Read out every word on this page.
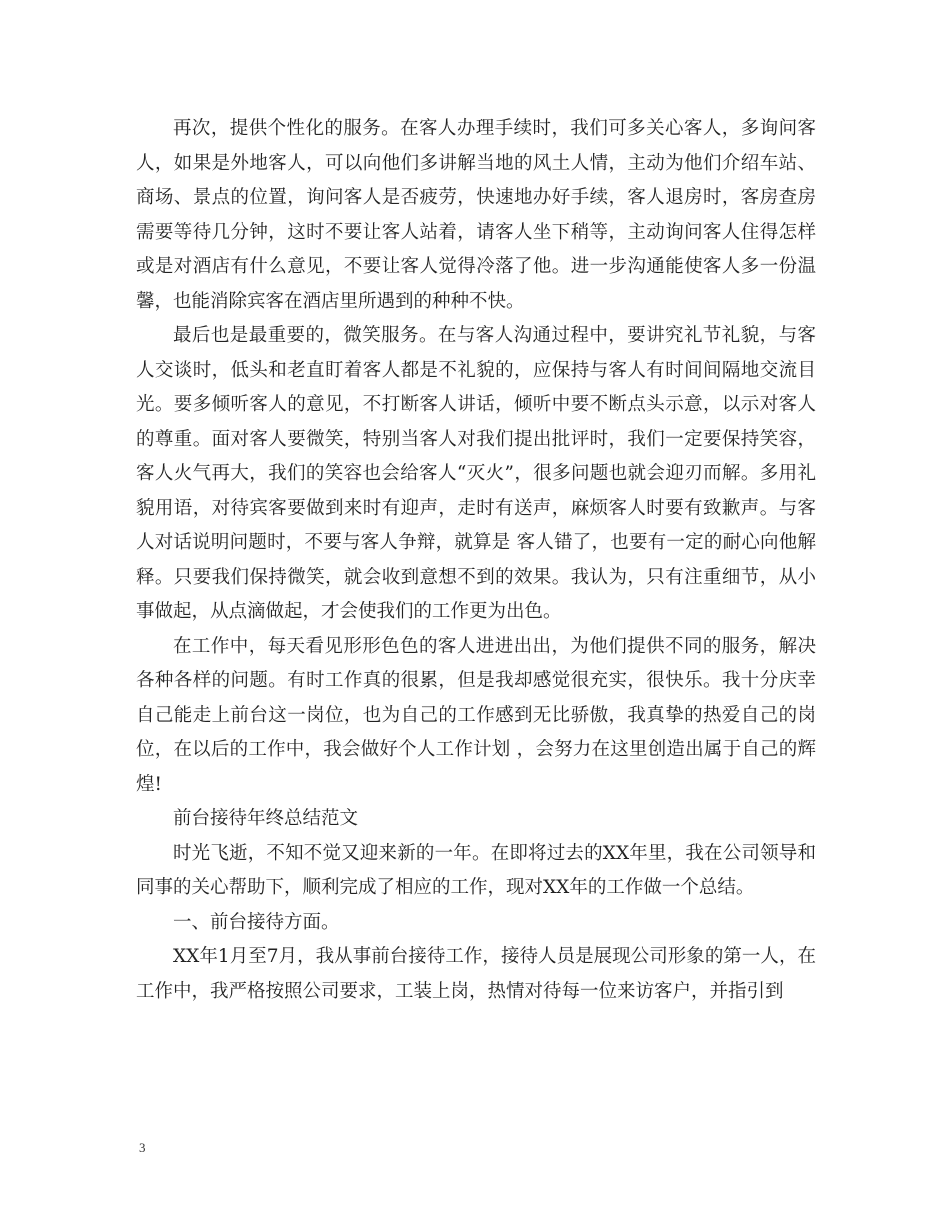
再次，提供个性化的服务。在客人办理手续时，我们可多关心客人，多询问客人，如果是外地客人，可以向他们多讲解当地的风土人情，主动为他们介绍车站、商场、景点的位置，询问客人是否疲劳，快速地办好手续，客人退房时，客房查房需要等待几分钟，这时不要让客人站着，请客人坐下稍等，主动询问客人住得怎样或是对酒店有什么意见，不要让客人觉得冷落了他。进一步沟通能使客人多一份温馨，也能消除宾客在酒店里所遇到的种种不快。

最后也是最重要的，微笑服务。在与客人沟通过程中，要讲究礼节礼貌，与客人交谈时，低头和老直盯着客人都是不礼貌的，应保持与客人有时间间隔地交流目光。要多倾听客人的意见，不打断客人讲话，倾听中要不断点头示意，以示对客人的尊重。面对客人要微笑，特别当客人对我们提出批评时，我们一定要保持笑容，客人火气再大，我们的笑容也会给客人“灭火”，很多问题也就会迎刃而解。多用礼貌用语，对待宾客要做到来时有迎声，走时有送声，麻烦客人时要有致歉声。与客人对话说明问题时，不要与客人争辩，就算是 客人错了，也要有一定的耐心向他解释。只要我们保持微笑，就会收到意想不到的效果。我认为，只有注重细节，从小事做起，从点滴做起，才会使我们的工作更为出色。

在工作中，每天看见形形色色的客人进进出出，为他们提供不同的服务，解决各种各样的问题。有时工作真的很累，但是我却感觉很充实，很快乐。我十分庆幸自己能走上前台这一岗位，也为自己的工作感到无比骄傲，我真挚的热爱自己的岗位，在以后的工作中，我会做好个人工作计划 ，会努力在这里创造出属于自己的辉煌!

前台接待年终总结范文

时光飞逝，不知不觉又迎来新的一年。在即将过去的XX年里，我在公司领导和同事的关心帮助下，顺利完成了相应的工作，现对XX年的工作做一个总结。

一、前台接待方面。

XX年1月至7月，我从事前台接待工作，接待人员是展现公司形象的第一人，在工作中，我严格按照公司要求，工装上岗，热情对待每一位来访客户，并指引到

3
